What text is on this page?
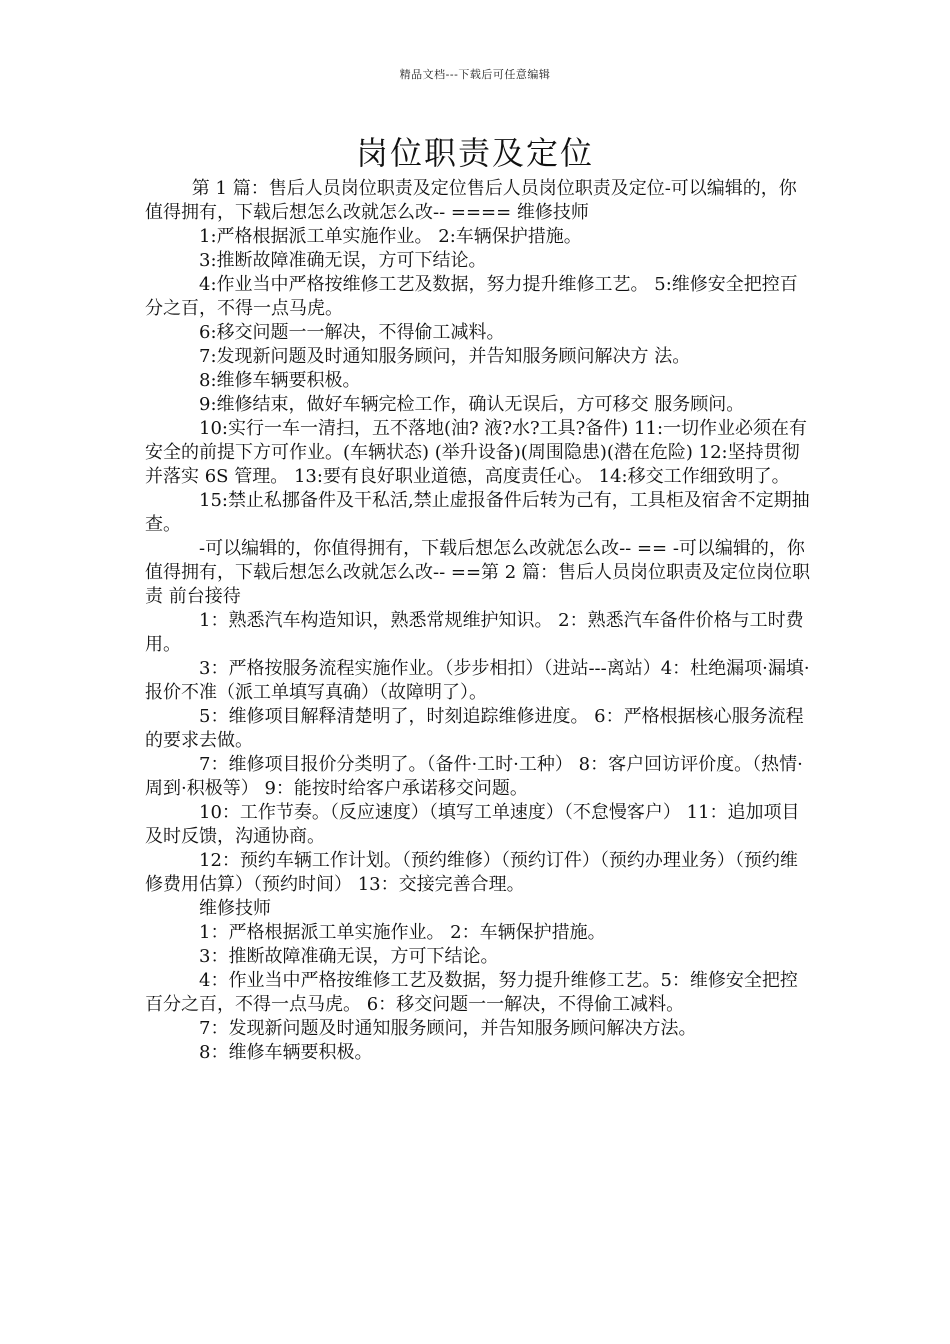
精品文档---下载后可任意编辑
岗位职责及定位

第 1 篇：售后人员岗位职责及定位售后人员岗位职责及定位-可以编辑的，你值得拥有，下载后想怎么改就怎么改-- ==== 维修技师

1:严格根据派工单实施作业。 2:车辆保护措施。

3:推断故障准确无误，方可下结论。

4:作业当中严格按维修工艺及数据，努力提升维修工艺。 5:维修安全把控百分之百，不得一点马虎。

6:移交问题一一解决，不得偷工减料。

7:发现新问题及时通知服务顾问，并告知服务顾问解决方 法。

8:维修车辆要积极。

9:维修结束，做好车辆完检工作，确认无误后，方可移交 服务顾问。

10:实行一车一清扫，五不落地(油? 液?水?工具?备件) 11:一切作业必须在有安全的前提下方可作业。(车辆状态) (举升设备)(周围隐患)(潜在危险) 12:坚持贯彻并落实 6S 管理。 13:要有良好职业道德，高度责任心。 14:移交工作细致明了。

15:禁止私挪备件及干私活,禁止虚报备件后转为己有，工具柜及宿舍不定期抽查。

-可以编辑的，你值得拥有，下载后想怎么改就怎么改-- == -可以编辑的，你值得拥有，下载后想怎么改就怎么改-- ==第 2 篇：售后人员岗位职责及定位岗位职责 前台接待

1：熟悉汽车构造知识，熟悉常规维护知识。 2：熟悉汽车备件价格与工时费用。

3：严格按服务流程实施作业。（步步相扣）（进站---离站）4：杜绝漏项·漏填·报价不准（派工单填写真确）（故障明了）。

5：维修项目解释清楚明了，时刻追踪维修进度。 6：严格根据核心服务流程的要求去做。

7：维修项目报价分类明了。（备件·工时·工种） 8：客户回访评价度。（热情·周到·积极等） 9：能按时给客户承诺移交问题。

10：工作节奏。（反应速度）（填写工单速度）（不怠慢客户） 11：追加项目及时反馈，沟通协商。

12：预约车辆工作计划。（预约维修）（预约订件）（预约办理业务）（预约维修费用估算）（预约时间） 13：交接完善合理。

维修技师

1：严格根据派工单实施作业。 2：车辆保护措施。

3：推断故障准确无误，方可下结论。

4：作业当中严格按维修工艺及数据，努力提升维修工艺。5：维修安全把控百分之百，不得一点马虎。 6：移交问题一一解决，不得偷工减料。

7：发现新问题及时通知服务顾问，并告知服务顾问解决方法。

8：维修车辆要积极。
